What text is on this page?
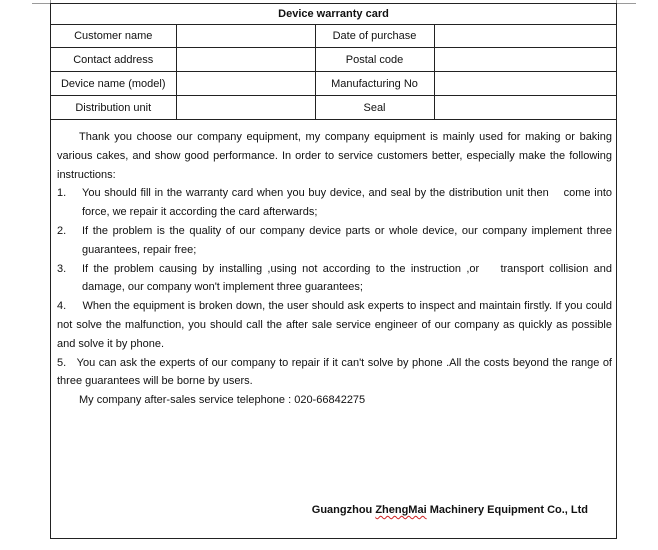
Device warranty card
Customer name		Date of purchase	
Contact address		Postal code	
Device name (model)		Manufacturing No	
Distribution unit		Seal	

Thank you choose our company equipment, my company equipment is mainly used for making or baking various cakes, and show good performance. In order to service customers better, especially make the following instructions:

1.	You should fill in the warranty card when you buy device, and seal by the distribution unit then    come into force, we repair it according the card afterwards;
2.	If the problem is the quality of our company device parts or whole device, our company implement three guarantees, repair free;
3.	If the problem causing by installing ,using not according to the instruction ,or    transport collision and damage, our company won't implement three guarantees;

4.     When the equipment is broken down, the user should ask experts to inspect and maintain firstly. If you could not solve the malfunction, you should call the after sale service engineer of our company as quickly as possible and solve it by phone.

5.   You can ask the experts of our company to repair if it can't solve by phone .All the costs beyond the range of three guarantees will be borne by users.

My company after-sales service telephone : 020-66842275

Guangzhou ZhengMai Machinery Equipment Co., Ltd
